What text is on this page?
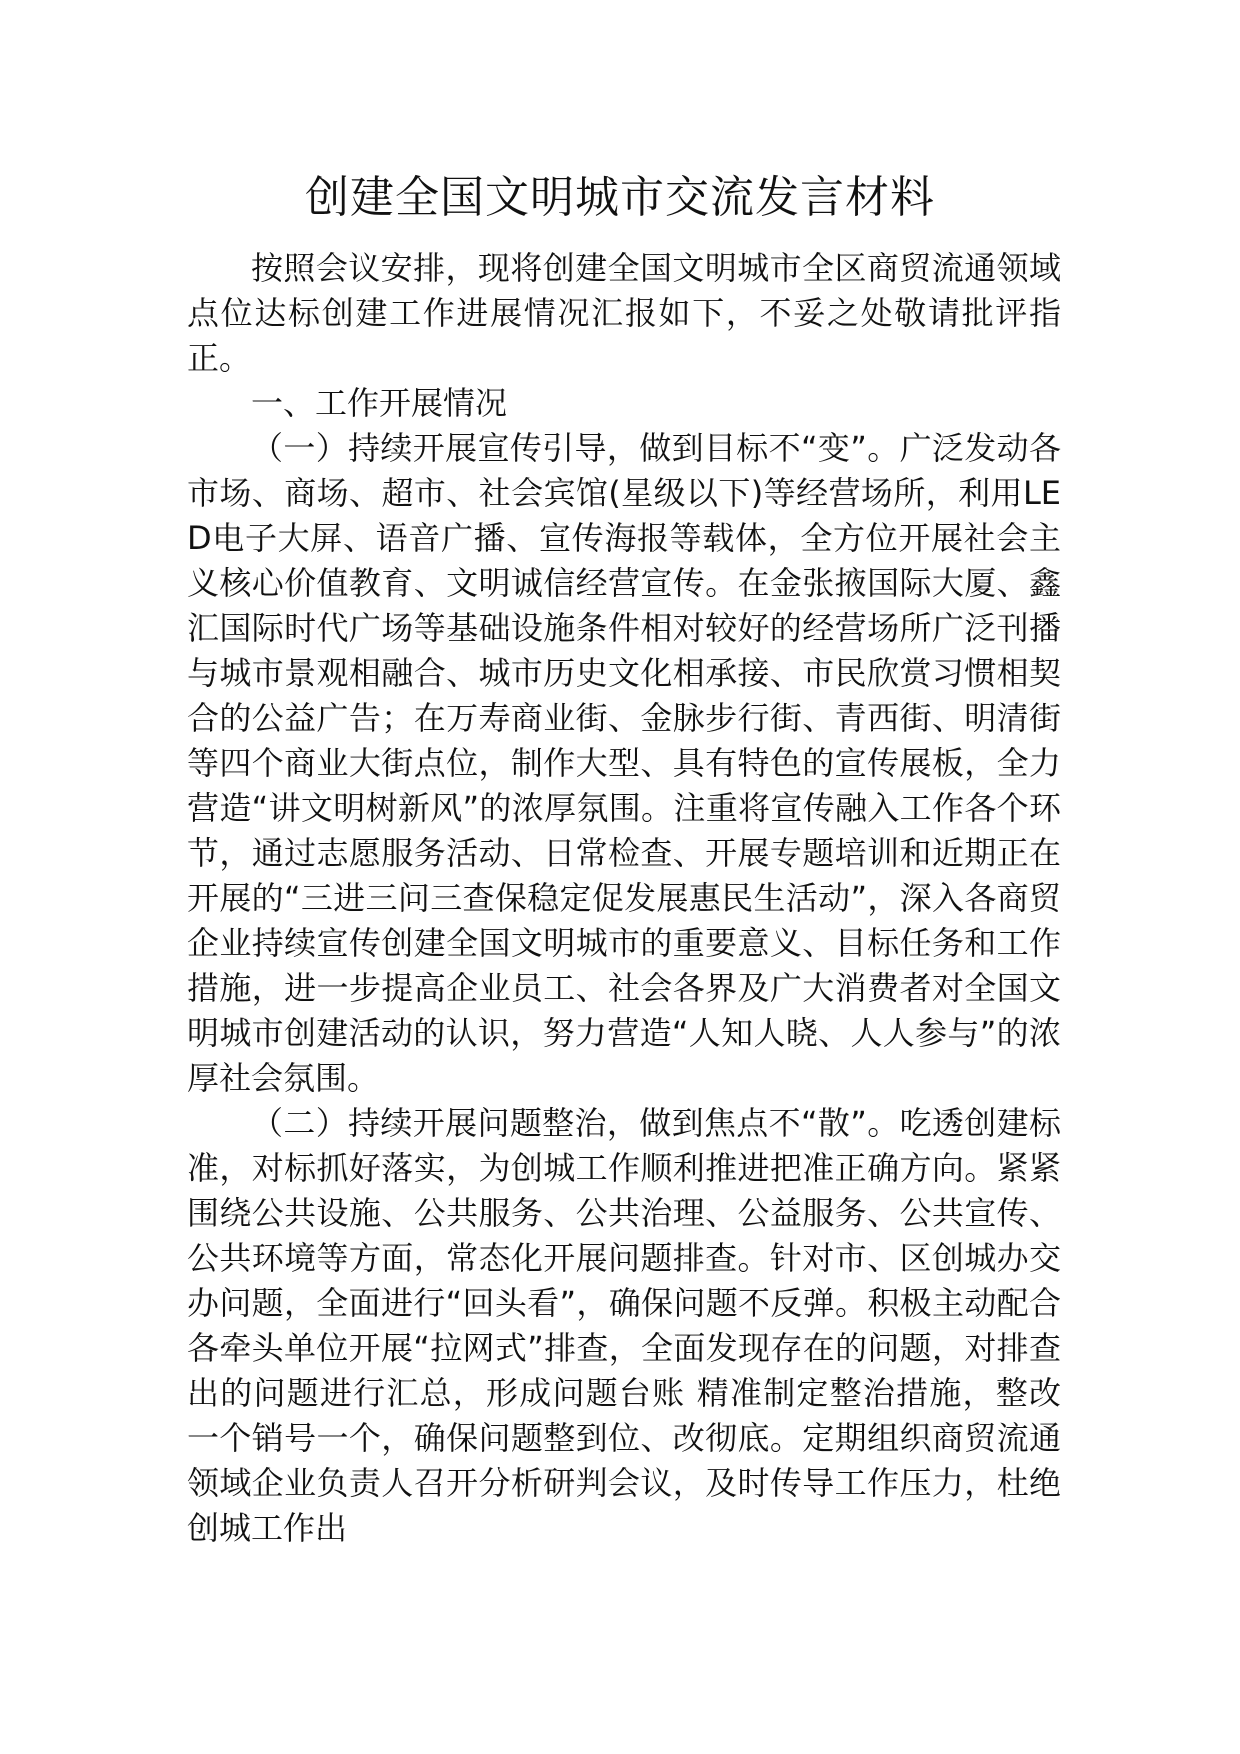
创建全国文明城市交流发言材料

按照会议安排，现将创建全国文明城市全区商贸流通领域点位达标创建工作进展情况汇报如下，不妥之处敬请批评指正。

一、工作开展情况

（一）持续开展宣传引导，做到目标不“变”。广泛发动各市场、商场、超市、社会宾馆(星级以下)等经营场所，利用LED电子大屏、语音广播、宣传海报等载体，全方位开展社会主义核心价值教育、文明诚信经营宣传。在金张掖国际大厦、鑫汇国际时代广场等基础设施条件相对较好的经营场所广泛刊播与城市景观相融合、城市历史文化相承接、市民欣赏习惯相契合的公益广告；在万寿商业街、金脉步行街、青西街、明清街等四个商业大街点位，制作大型、具有特色的宣传展板，全力营造“讲文明树新风”的浓厚氛围。注重将宣传融入工作各个环节，通过志愿服务活动、日常检查、开展专题培训和近期正在开展的“三进三问三查保稳定促发展惠民生活动”，深入各商贸企业持续宣传创建全国文明城市的重要意义、目标任务和工作措施，进一步提高企业员工、社会各界及广大消费者对全国文明城市创建活动的认识，努力营造“人知人晓、人人参与”的浓厚社会氛围。

（二）持续开展问题整治，做到焦点不“散”。吃透创建标准，对标抓好落实，为创城工作顺利推进把准正确方向。紧紧围绕公共设施、公共服务、公共治理、公益服务、公共宣传、公共环境等方面，常态化开展问题排查。针对市、区创城办交办问题，全面进行“回头看”，确保问题不反弹。积极主动配合各牵头单位开展“拉网式”排查，全面发现存在的问题，对排查出的问题进行汇总，形成问题台账 精准制定整治措施，整改一个销号一个，确保问题整到位、改彻底。定期组织商贸流通领域企业负责人召开分析研判会议，及时传导工作压力，杜绝创城工作出
